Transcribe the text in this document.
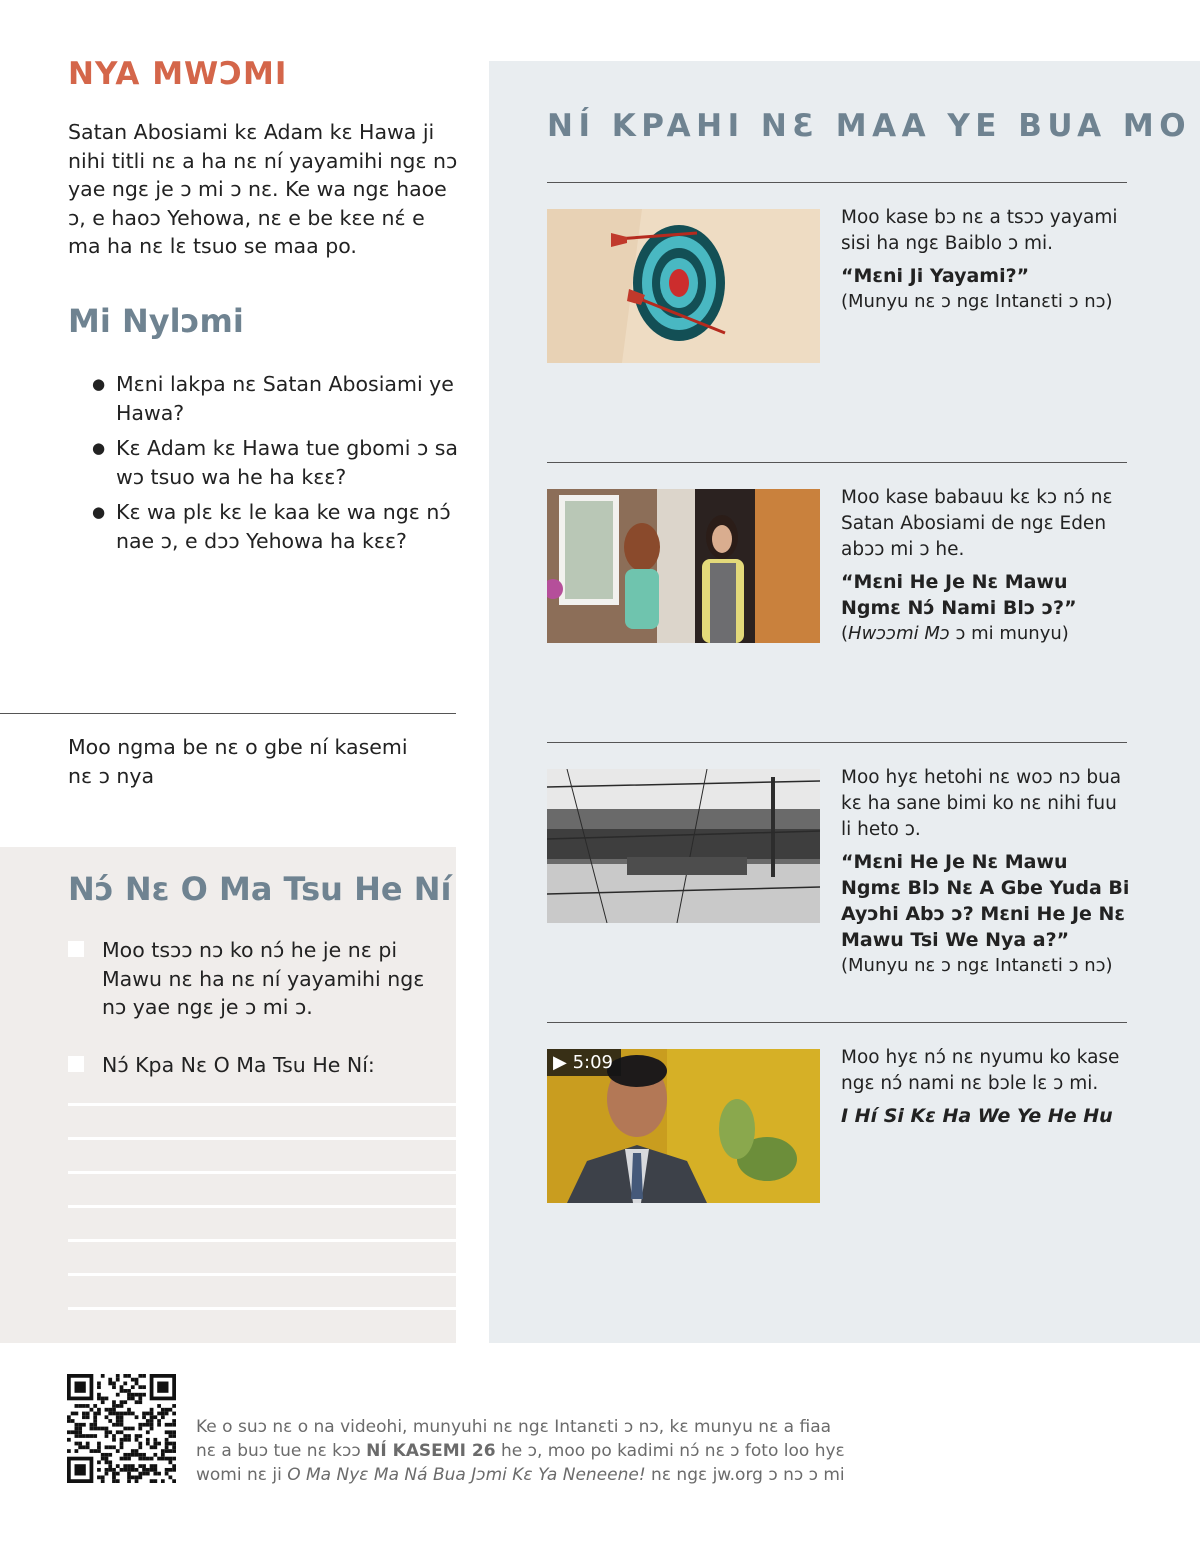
NYA MWƆMI

Satan Abosiami kɛ Adam kɛ Hawa ji nihi titli nɛ a ha nɛ ní yayamihi ngɛ nɔ yae ngɛ je ɔ mi ɔ nɛ. Ke wa ngɛ haoe ɔ, e haoɔ Yehowa, nɛ e be kɛe nɛ́ e ma ha nɛ lɛ tsuo se maa po.

Mi Nylɔmi
● Mɛni lakpa nɛ Satan Abosiami ye Hawa?
● Kɛ Adam kɛ Hawa tue gbomi ɔ sa wɔ tsuo wa he ha kɛɛ?
● Kɛ wa plɛ kɛ le kaa ke wa ngɛ nɔ́ nae ɔ, e dɔɔ Yehowa ha kɛɛ?

Moo ngma be nɛ o gbe ní kasemi nɛ ɔ nya

Nɔ́ Nɛ O Ma Tsu He Ní
Moo tsɔɔ nɔ ko nɔ́ he je nɛ pi Mawu nɛ ha nɛ ní yayamihi ngɛ nɔ yae ngɛ je ɔ mi ɔ.
Nɔ́ Kpa Nɛ O Ma Tsu He Ní:
NÍ KPAHI NƐ MAA YE BUA MO
Moo kase bɔ nɛ a tsɔɔ yayami sisi ha ngɛ Baiblo ɔ mi.
“Mɛni Ji Yayami?”
(Munyu nɛ ɔ ngɛ Intanɛti ɔ nɔ)
Moo kase babauu kɛ kɔ nɔ́ nɛ Satan Abosiami de ngɛ Eden abɔɔ mi ɔ he.
“Mɛni He Je Nɛ Mawu Ngmɛ Nɔ́ Nami Blɔ ɔ?”
(Hwɔɔmi Mɔ ɔ mi munyu)
Moo hyɛ hetohi nɛ woɔ nɔ bua kɛ ha sane bimi ko nɛ nihi fuu li heto ɔ.
“Mɛni He Je Nɛ Mawu Ngmɛ Blɔ Nɛ A Gbe Yuda Bi Ayɔhi Abɔ ɔ? Mɛni He Je Nɛ Mawu Tsi We Nya a?”
(Munyu nɛ ɔ ngɛ Intanɛti ɔ nɔ)
▶ 5:09	Moo hyɛ nɔ́ nɛ nyumu ko kase ngɛ nɔ́ nami nɛ bɔle lɛ ɔ mi.
I Hí Si Kɛ Ha We Ye He Hu

Ke o suɔ nɛ o na videohi, munyuhi nɛ ngɛ Intanɛti ɔ nɔ, kɛ munyu nɛ a fiaa nɛ a buɔ tue nɛ kɔɔ NÍ KASEMI 26 he ɔ, moo po kadimi nɔ́ nɛ ɔ foto loo hyɛ womi nɛ ji O Ma Nyɛ Ma Ná Bua Jɔmi Kɛ Ya Neneene! nɛ ngɛ jw.org ɔ nɔ ɔ mi
